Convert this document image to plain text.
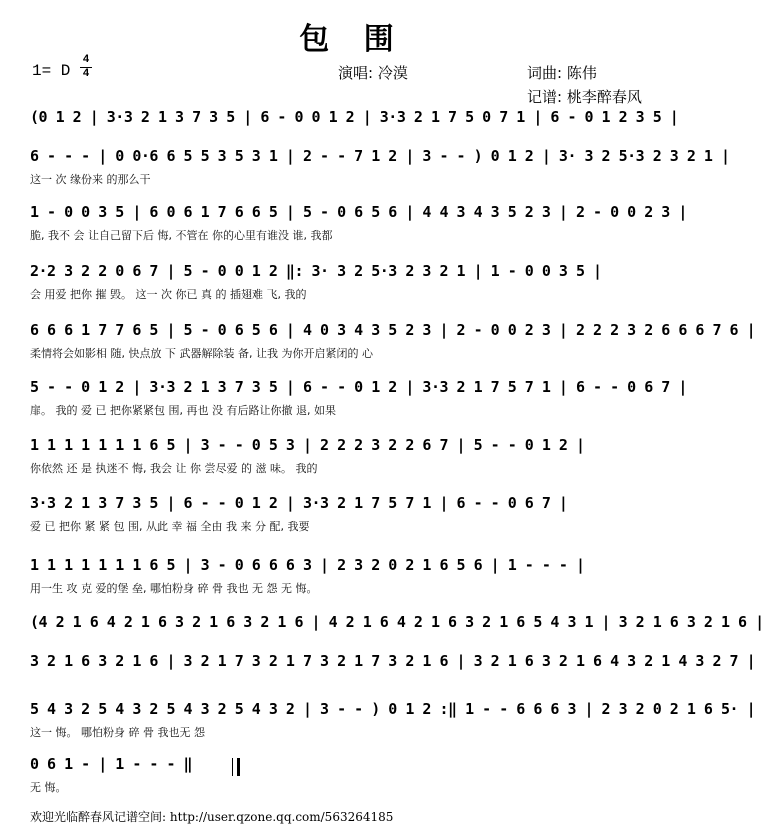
包 围
1= D
4
4	演唱: 冷漠	词曲: 陈伟
记谱: 桃李醉春风
(0 1 2 | 3·3 2 1 3 7 3 5 | 6 - 0 0 1 2 | 3·3 2 1 7 5 0 7 1 | 6 - 0 1 2 3 5 |
6 - - - | 0 0·6 6 5 5 3 5 3 1 | 2 - - 7 1 2 | 3 - - ) 0 1 2 | 3· 3 2 5·3 2 3 2 1 |
这一 次 缘份来 的那么干
1 - 0 0 3 5 | 6 0 6 1 7 6 6 5 | 5 - 0 6 5 6 | 4 4 3 4 3 5 2 3 | 2 - 0 0 2 3 |
脆, 我不 会 让自己留下后 悔, 不管在 你的心里有谁没 谁, 我都
2·2 3 2 2 0 6 7 | 5 - 0 0 1 2 ‖: 3· 3 2 5·3 2 3 2 1 | 1 - 0 0 3 5 |
会 用爱 把你 摧 毁。 这一 次 你已 真 的 插翅难 飞, 我的
6 6 6 1 7 7 6 5 | 5 - 0 6 5 6 | 4 0 3 4 3 5 2 3 | 2 - 0 0 2 3 | 2 2 2 3 2 6 6 6 7 6 |
柔情将会如影相 随, 快点放 下 武器解除装 备, 让我 为你开启紧闭的 心
5 - - 0 1 2 | 3·3 2 1 3 7 3 5 | 6 - - 0 1 2 | 3·3 2 1 7 5 7 1 | 6 - - 0 6 7 |
扉。 我的 爱 已 把你紧紧包 围, 再也 没 有后路让你撤 退, 如果
1 1 1 1 1 1 1 6 5 | 3 - - 0 5 3 | 2 2 2 3 2 2 6 7 | 5 - - 0 1 2 |
你依然 还 是 执迷不 悔, 我会 让 你 尝尽爱 的 滋 味。 我的
3·3 2 1 3 7 3 5 | 6 - - 0 1 2 | 3·3 2 1 7 5 7 1 | 6 - - 0 6 7 |
爱 已 把你 紧 紧 包 围, 从此 幸 福 全由 我 来 分 配, 我要
1 1 1 1 1 1 1 6 5 | 3 - 0 6 6 6 3 | 2 3 2 0 2 1 6 5 6 | 1 - - - |
用一生 攻 克 爱的堡 垒, 哪怕粉身 碎 骨 我也 无 怨 无 悔。
(4 2 1 6 4 2 1 6 3 2 1 6 3 2 1 6 | 4 2 1 6 4 2 1 6 3 2 1 6 5 4 3 1 | 3 2 1 6 3 2 1 6 |
3 2 1 6 3 2 1 6 | 3 2 1 7 3 2 1 7 3 2 1 7 3 2 1 6 | 3 2 1 6 3 2 1 6 4 3 2 1 4 3 2 7 |
5 4 3 2 5 4 3 2 5 4 3 2 5 4 3 2 | 3 - - ) 0 1 2 :‖ 1 - - 6 6 6 3 | 2 3 2 0 2 1 6 5· |
这一 悔。 哪怕粉身 碎 骨 我也无 怨
0 6 1 - | 1 - - - ‖
无 悔。
欢迎光临醉春风记谱空间: http://user.qzone.qq.com/563264185
